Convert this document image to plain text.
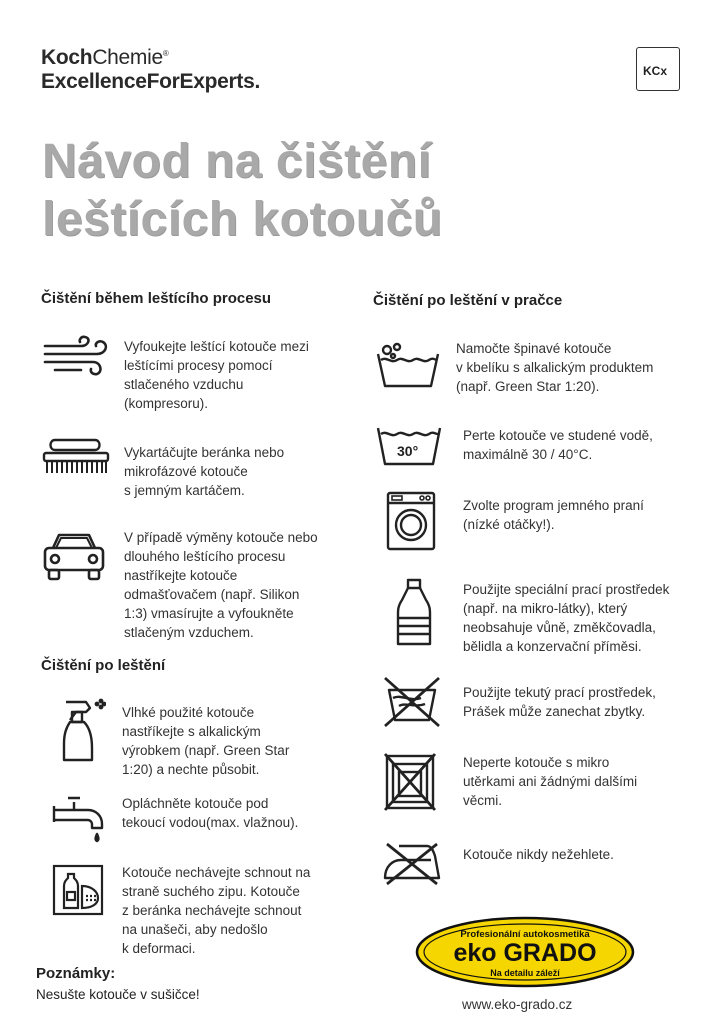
KochChemie®
ExcellenceForExperts.	KCx
Návod na čištění
leštících kotoučů
Čištění během leštícího procesu
Vyfoukejte leštící kotouče mezi
leštícími procesy pomocí
stlačeného vzduchu
(kompresoru).
Vykartáčujte beránka nebo
mikrofázové kotouče
s jemným kartáčem.
V případě výměny kotouče nebo
dlouhého leštícího procesu
nastříkejte kotouče
odmašťovačem (např. Silikon
1:3) vmasírujte a vyfoukněte
stlačeným vzduchem.
Čištění po leštění
Vlhké použité kotouče
nastříkejte s alkalickým
výrobkem (např. Green Star
1:20) a nechte působit.
Opláchněte kotouče pod
tekoucí vodou(max. vlažnou).
Kotouče nechávejte schnout na
straně suchého zipu. Kotouče
z beránka nechávejte schnout
na unašeči, aby nedošlo
k deformaci.
Čištění po leštění v pračce
Namočte špinavé kotouče
v kbelíku s alkalickým produktem
(např. Green Star 1:20).
30°
Perte kotouče ve studené vodě,
maximálně 30 / 40°C.
Zvolte program jemného praní
(nízké otáčky!).
Použijte speciální prací prostředek
(např. na mikro-látky), který
neobsahuje vůně, změkčovadla,
bělidla a konzervační příměsi.
Použijte tekutý prací prostředek,
Prášek může zanechat zbytky.
Neperte kotouče s mikro
utěrkami ani žádnými dalšími
věcmi.
Kotouče nikdy nežehlete.
Poznámky:
Nesušte kotouče v sušičce!
Profesionální autokosmetika
eko GRADO
Na detailu záleží
www.eko-grado.cz
